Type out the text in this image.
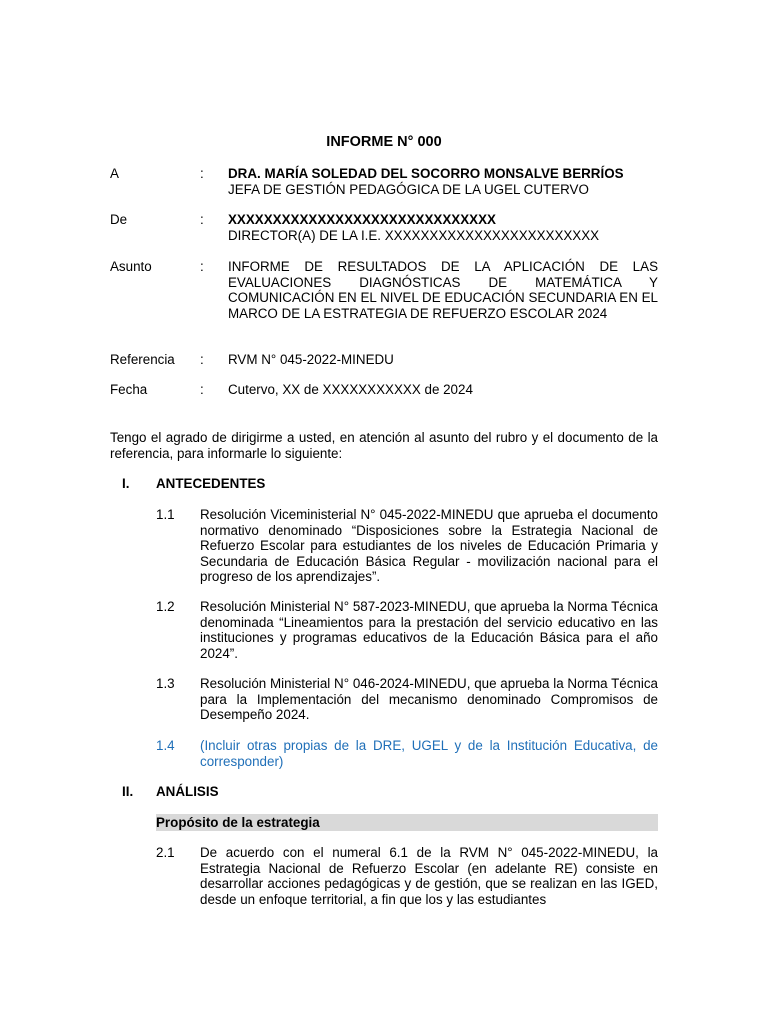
INFORME N° 000
A	: DRA. MARÍA SOLEDAD DEL SOCORRO MONSALVE BERRÍOS
JEFA DE GESTIÓN PEDAGÓGICA DE LA UGEL CUTERVO
De	: XXXXXXXXXXXXXXXXXXXXXXXXXXXXXX
DIRECTOR(A) DE LA I.E. XXXXXXXXXXXXXXXXXXXXXXXX
Asunto	: INFORME DE RESULTADOS DE LA APLICACIÓN DE LAS EVALUACIONES DIAGNÓSTICAS DE MATEMÁTICA Y COMUNICACIÓN EN EL NIVEL DE EDUCACIÓN SECUNDARIA EN EL MARCO DE LA ESTRATEGIA DE REFUERZO ESCOLAR 2024
Referencia : RVM N° 045-2022-MINEDU
Fecha	: Cutervo, XX de XXXXXXXXXXX de 2024
Tengo el agrado de dirigirme a usted, en atención al asunto del rubro y el documento de la referencia, para informarle lo siguiente:
I. ANTECEDENTES
1.1 Resolución Viceministerial N° 045-2022-MINEDU que aprueba el documento normativo denominado “Disposiciones sobre la Estrategia Nacional de Refuerzo Escolar para estudiantes de los niveles de Educación Primaria y Secundaria de Educación Básica Regular - movilización nacional para el progreso de los aprendizajes”.
1.2 Resolución Ministerial N° 587-2023-MINEDU, que aprueba la Norma Técnica denominada “Lineamientos para la prestación del servicio educativo en las instituciones y programas educativos de la Educación Básica para el año 2024”.
1.3 Resolución Ministerial N° 046-2024-MINEDU, que aprueba la Norma Técnica para la Implementación del mecanismo denominado Compromisos de Desempeño 2024.
1.4 (Incluir otras propias de la DRE, UGEL y de la Institución Educativa, de corresponder)
II. ANÁLISIS
Propósito de la estrategia
2.1 De acuerdo con el numeral 6.1 de la RVM N° 045-2022-MINEDU, la Estrategia Nacional de Refuerzo Escolar (en adelante RE) consiste en desarrollar acciones pedagógicas y de gestión, que se realizan en las IGED, desde un enfoque territorial, a fin que los y las estudiantes
